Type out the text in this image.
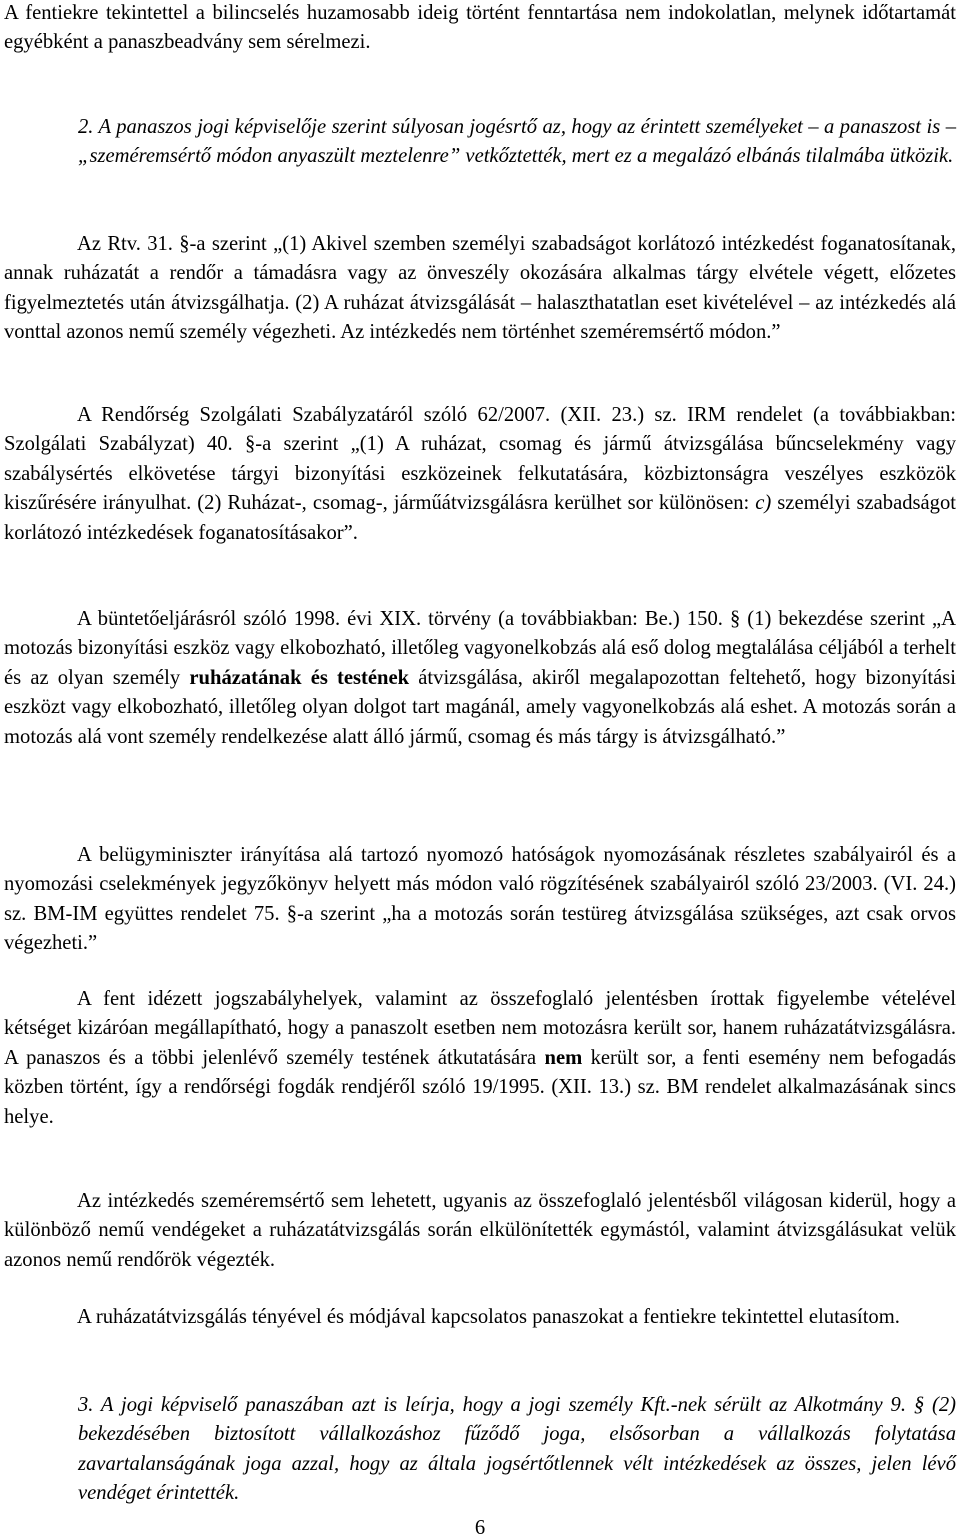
A fentiekre tekintettel a bilincselés huzamosabb ideig történt fenntartása nem indokolatlan, melynek időtartamát egyébként a panaszbeadvány sem sérelmezi.

2. A panaszos jogi képviselője szerint súlyosan jogésrtő az, hogy az érintett személyeket – a panaszost is – „szeméremsértő módon anyaszült meztelenre” vetkőztették, mert ez a megalázó elbánás tilalmába ütközik.

Az Rtv. 31. §-a szerint „(1) Akivel szemben személyi szabadságot korlátozó intézkedést foganatosítanak, annak ruházatát a rendőr a támadásra vagy az önveszély okozására alkalmas tárgy elvétele végett, előzetes figyelmeztetés után átvizsgálhatja. (2) A ruházat átvizsgálását – halaszthatatlan eset kivételével – az intézkedés alá vonttal azonos nemű személy végezheti. Az intézkedés nem történhet szeméremsértő módon.”

A Rendőrség Szolgálati Szabályzatáról szóló 62/2007. (XII. 23.) sz. IRM rendelet (a továbbiakban: Szolgálati Szabályzat) 40. §-a szerint „(1) A ruházat, csomag és jármű átvizsgálása bűncselekmény vagy szabálysértés elkövetése tárgyi bizonyítási eszközeinek felkutatására, közbiztonságra veszélyes eszközök kiszűrésére irányulhat. (2) Ruházat-, csomag-, járműátvizsgálásra kerülhet sor különösen: c) személyi szabadságot korlátozó intézkedések foganatosításakor”.

A büntetőeljárásról szóló 1998. évi XIX. törvény (a továbbiakban: Be.) 150. § (1) bekezdése szerint „A motozás bizonyítási eszköz vagy elkobozható, illetőleg vagyonelkobzás alá eső dolog megtalálása céljából a terhelt és az olyan személy ruházatának és testének átvizsgálása, akiről megalapozottan feltehető, hogy bizonyítási eszközt vagy elkobozható, illetőleg olyan dolgot tart magánál, amely vagyonelkobzás alá eshet. A motozás során a motozás alá vont személy rendelkezése alatt álló jármű, csomag és más tárgy is átvizsgálható.”

A belügyminiszter irányítása alá tartozó nyomozó hatóságok nyomozásának részletes szabályairól és a nyomozási cselekmények jegyzőkönyv helyett más módon való rögzítésének szabályairól szóló 23/2003. (VI. 24.) sz. BM-IM együttes rendelet 75. §-a szerint „ha a motozás során testüreg átvizsgálása szükséges, azt csak orvos végezheti.”

A fent idézett jogszabályhelyek, valamint az összefoglaló jelentésben írottak figyelembe vételével kétséget kizáróan megállapítható, hogy a panaszolt esetben nem motozásra került sor, hanem ruházatátvizsgálásra. A panaszos és a többi jelenlévő személy testének átkutatására nem került sor, a fenti esemény nem befogadás közben történt, így a rendőrségi fogdák rendjéről szóló 19/1995. (XII. 13.) sz. BM rendelet alkalmazásának sincs helye.

Az intézkedés szeméremsértő sem lehetett, ugyanis az összefoglaló jelentésből világosan kiderül, hogy a különböző nemű vendégeket a ruházatátvizsgálás során elkülönítették egymástól, valamint átvizsgálásukat velük azonos nemű rendőrök végezték.

A ruházatátvizsgálás tényével és módjával kapcsolatos panaszokat a fentiekre tekintettel elutasítom.

3. A jogi képviselő panaszában azt is leírja, hogy a jogi személy Kft.-nek sérült az Alkotmány 9. § (2) bekezdésében biztosított vállalkozáshoz fűződő joga, elsősorban a vállalkozás folytatása zavartalanságának joga azzal, hogy az általa jogsértőtlennek vélt intézkedések az összes, jelen lévő vendéget érintették.

6
